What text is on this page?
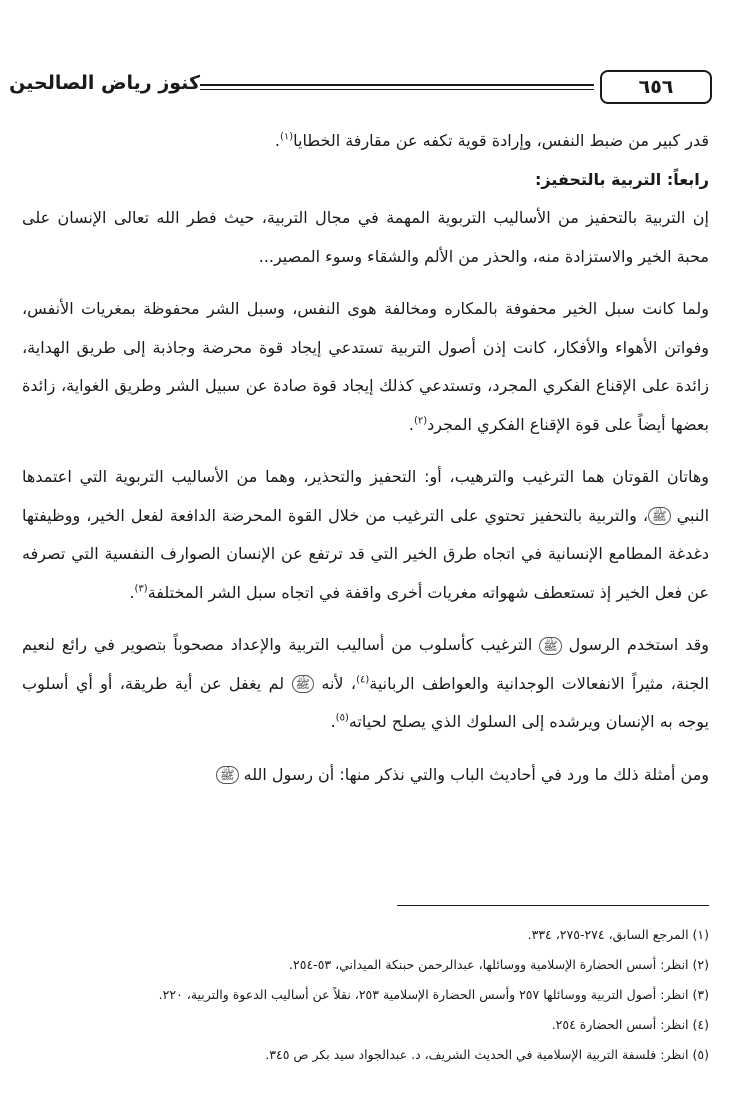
٦٥٦
كنوز رياض الصالحين

قدر كبير من ضبط النفس، وإرادة قوية تكفه عن مقارفة الخطايا$^{(١)}$.

رابعاً: التربية بالتحفيز:

إن التربية بالتحفيز من الأساليب التربوية المهمة في مجال التربية، حيث فطر الله تعالى الإنسان على محبة الخير والاستزادة منه، والحذر من الألم والشقاء وسوء المصير...

ولما كانت سبل الخير محفوفة بالمكاره ومخالفة هوى النفس، وسبل الشر محفوظة بمغريات الأنفس، وفواتن الأهواء والأفكار، كانت إذن أصول التربية تستدعي إيجاد قوة محرضة وجاذبة إلى طريق الهداية، زائدة على الإقناع الفكري المجرد، وتستدعي كذلك إيجاد قوة صادة عن سبيل الشر وطريق الغواية، زائدة بعضها أيضاً على قوة الإقناع الفكري المجرد$^{(٢)}$.

وهاتان القوتان هما الترغيب والترهيب، أو: التحفيز والتحذير، وهما من الأساليب التربوية التي اعتمدها النبي ﷺ، والتربية بالتحفيز تحتوي على الترغيب من خلال القوة المحرضة الدافعة لفعل الخير، ووظيفتها دغدغة المطامع الإنسانية في اتجاه طرق الخير التي قد ترتفع عن الإنسان الصوارف النفسية التي تصرفه عن فعل الخير إذ تستعطف شهواته مغريات أخرى واقفة في اتجاه سبل الشر المختلفة$^{(٣)}$.

وقد استخدم الرسول ﷺ الترغيب كأسلوب من أساليب التربية والإعداد مصحوباً بتصوير في رائع لنعيم الجنة، مثيراً الانفعالات الوجدانية والعواطف الربانية$^{(٤)}$، لأنه ﷺ لم يغفل عن أية طريقة، أو أي أسلوب يوجه به الإنسان ويرشده إلى السلوك الذي يصلح لحياته$^{(٥)}$.

ومن أمثلة ذلك ما ورد في أحاديث الباب والتي نذكر منها: أن رسول الله ﷺ

(١) المرجع السابق، ٢٧٤-٢٧٥، ٣٣٤.
(٢) انظر: أسس الحضارة الإسلامية ووسائلها، عبدالرحمن حبنكة الميداني، ٥٣-٢٥٤.
(٣) انظر: أصول التربية ووسائلها ٢٥٧ وأسس الحضارة الإسلامية ٢٥٣، نقلاً عن أساليب الدعوة والتربية، ٢٢٠.
(٤) انظر: أسس الحضارة ٢٥٤.
(٥) انظر: فلسفة التربية الإسلامية في الحديث الشريف، د. عبدالجواد سيد بكر ص ٣٤٥.
